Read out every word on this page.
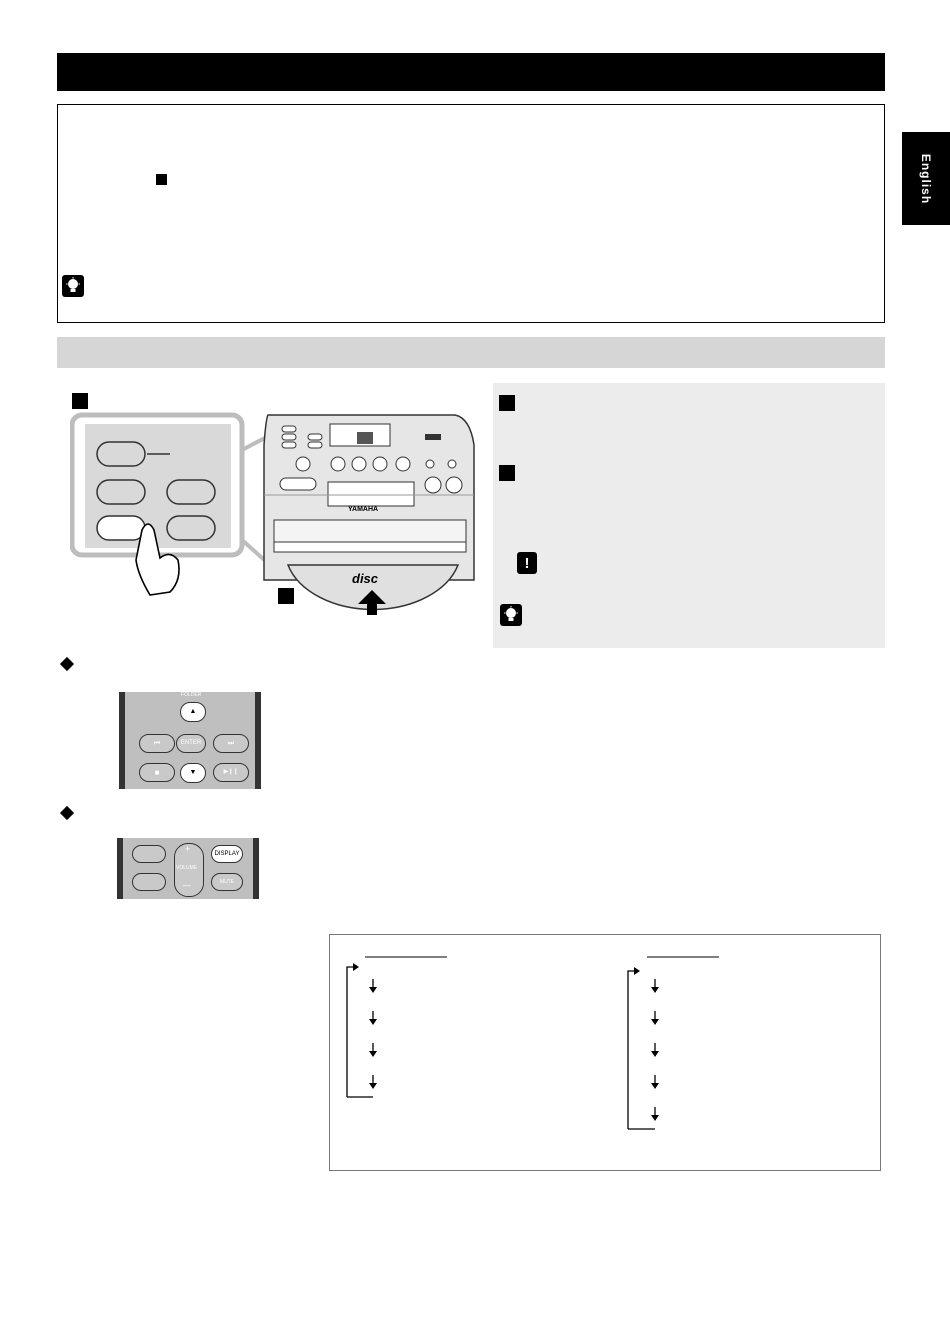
English
YAMAHA
disc
!
FOLDER
▲
⏮	ENTER	⏭
▼
■	▶❙❙
+
VOLUME
—
DISPLAY
MUTE
